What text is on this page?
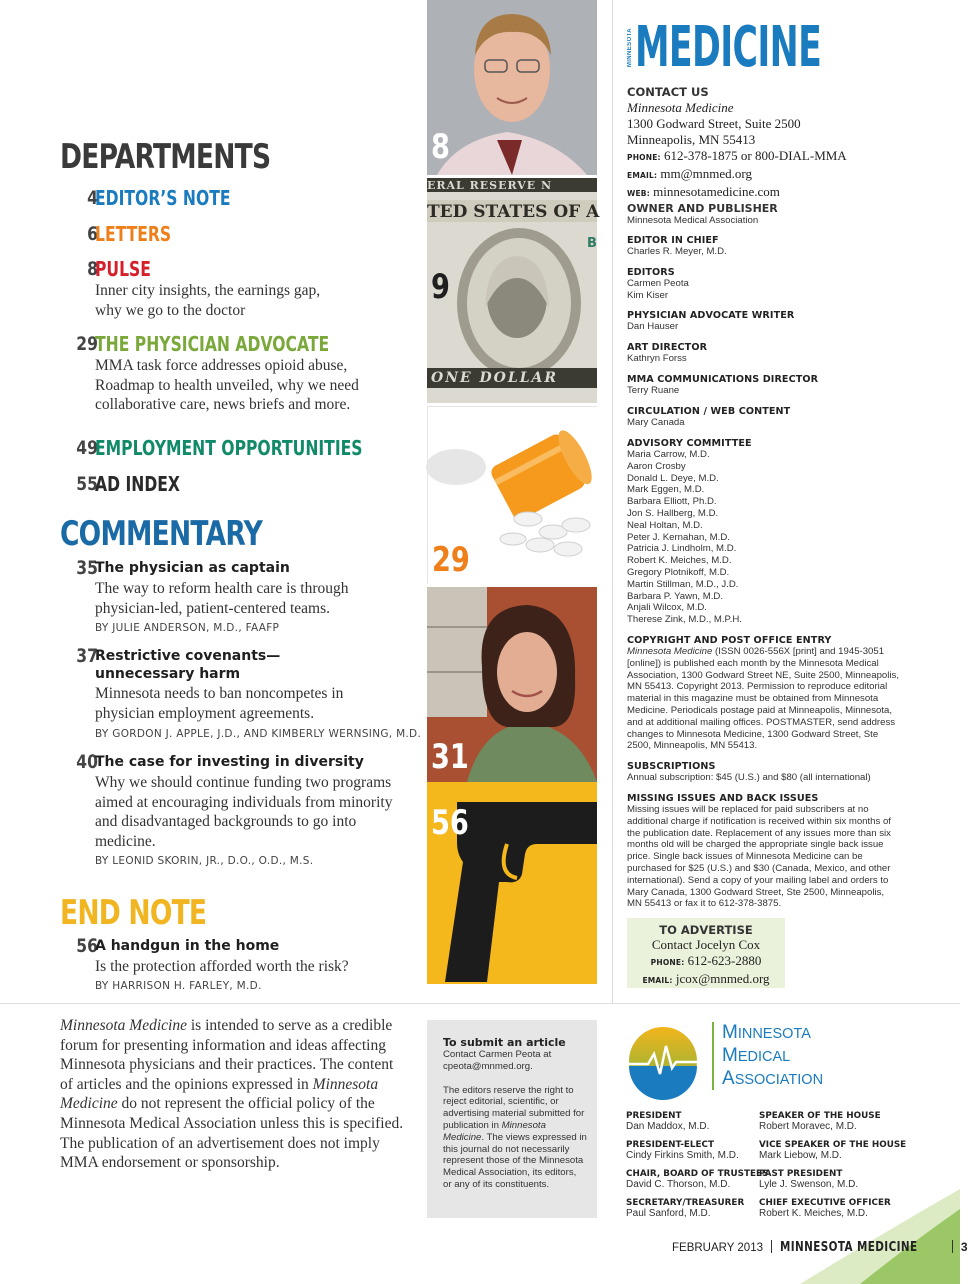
DEPARTMENTS
4
EDITOR’S NOTE
6
LETTERS
8
PULSE
Inner city insights, the earnings gap, why we go to the doctor
29
THE PHYSICIAN ADVOCATE
MMA task force addresses opioid abuse, Roadmap to health unveiled, why we need collaborative care, news briefs and more.
49
EMPLOYMENT OPPORTUNITIES
55
AD INDEX
COMMENTARY
35
The physician as captain
The way to reform health care is through physician-led, patient-centered teams.
BY JULIE ANDERSON, M.D., FAAFP
37
Restrictive covenants— unnecessary harm
Minnesota needs to ban noncompetes in physician employment agreements.
BY GORDON J. APPLE, J.D., AND KIMBERLY WERNSING, M.D.
40
The case for investing in diversity
Why we should continue funding two programs aimed at encouraging individuals from minority and disadvantaged backgrounds to go into medicine.
BY LEONID SKORIN, JR., D.O., O.D., M.S.
END NOTE
56
A handgun in the home
Is the protection afforded worth the risk?
BY HARRISON H. FARLEY, M.D.
8
ERAL RESERVE N
TED STATES OF A
ONE DOLLAR
B
9
29
31
56
MINNESOTA MEDICINE
CONTACT US
Minnesota Medicine
1300 Godward Street, Suite 2500
Minneapolis, MN 55413
PHONE: 612-378-1875 or 800-DIAL-MMA
EMAIL: mm@mnmed.org
WEB: minnesotamedicine.com
OWNER AND PUBLISHER
Minnesota Medical Association
EDITOR IN CHIEF
Charles R. Meyer, M.D.
EDITORS
Carmen Peota
Kim Kiser
PHYSICIAN ADVOCATE WRITER
Dan Hauser
ART DIRECTOR
Kathryn Forss
MMA COMMUNICATIONS DIRECTOR
Terry Ruane
CIRCULATION / WEB CONTENT
Mary Canada
ADVISORY COMMITTEE
Maria Carrow, M.D.
Aaron Crosby
Donald L. Deye, M.D.
Mark Eggen, M.D.
Barbara Elliott, Ph.D.
Jon S. Hallberg, M.D.
Neal Holtan, M.D.
Peter J. Kernahan, M.D.
Patricia J. Lindholm, M.D.
Robert K. Meiches, M.D.
Gregory Plotnikoff, M.D.
Martin Stillman, M.D., J.D.
Barbara P. Yawn, M.D.
Anjali Wilcox, M.D.
Therese Zink, M.D., M.P.H.
COPYRIGHT AND POST OFFICE ENTRY
Minnesota Medicine (ISSN 0026-556X [print] and 1945-3051 [online]) is published each month by the Minnesota Medical Association, 1300 Godward Street NE, Suite 2500, Minneapolis, MN 55413. Copyright 2013. Permission to reproduce editorial material in this magazine must be obtained from Minnesota Medicine. Periodicals postage paid at Minneapolis, Minnesota, and at additional mailing offices. POSTMASTER, send address changes to Minnesota Medicine, 1300 Godward Street, Ste 2500, Minneapolis, MN 55413.
SUBSCRIPTIONS
Annual subscription: $45 (U.S.) and $80 (all international)
MISSING ISSUES AND BACK ISSUES
Missing issues will be replaced for paid subscribers at no additional charge if notification is received within six months of the publication date. Replacement of any issues more than six months old will be charged the appropriate single back issue price. Single back issues of Minnesota Medicine can be purchased for $25 (U.S.) and $30 (Canada, Mexico, and other international). Send a copy of your mailing label and orders to Mary Canada, 1300 Godward Street, Ste 2500, Minneapolis, MN 55413 or fax it to 612-378-3875.
TO ADVERTISE
Contact Jocelyn Cox
PHONE: 612-623-2880
EMAIL: jcox@mnmed.org
Minnesota Medicine is intended to serve as a credible forum for presenting information and ideas affecting Minnesota physicians and their practices. The content of articles and the opinions expressed in Minnesota Medicine do not represent the official policy of the Minnesota Medical Association unless this is specified. The publication of an advertisement does not imply MMA endorsement or sponsorship.
To submit an article
Contact Carmen Peota at cpeota@mnmed.org.
The editors reserve the right to reject editorial, scientific, or advertising material submitted for publication in Minnesota Medicine. The views expressed in this journal do not necessarily represent those of the Minnesota Medical Association, its editors, or any of its constituents.
MINNESOTA
MEDICAL
ASSOCIATION
PRESIDENT
Dan Maddox, M.D.
SPEAKER OF THE HOUSE
Robert Moravec, M.D.
PRESIDENT-ELECT
Cindy Firkins Smith, M.D.
VICE SPEAKER OF THE HOUSE
Mark Liebow, M.D.
CHAIR, BOARD OF TRUSTEES
David C. Thorson, M.D.
PAST PRESIDENT
Lyle J. Swenson, M.D.
SECRETARY/TREASURER
Paul Sanford, M.D.
CHIEF EXECUTIVE OFFICER
Robert K. Meiches, M.D.
FEBRUARY 2013 MINNESOTA MEDICINE	3
